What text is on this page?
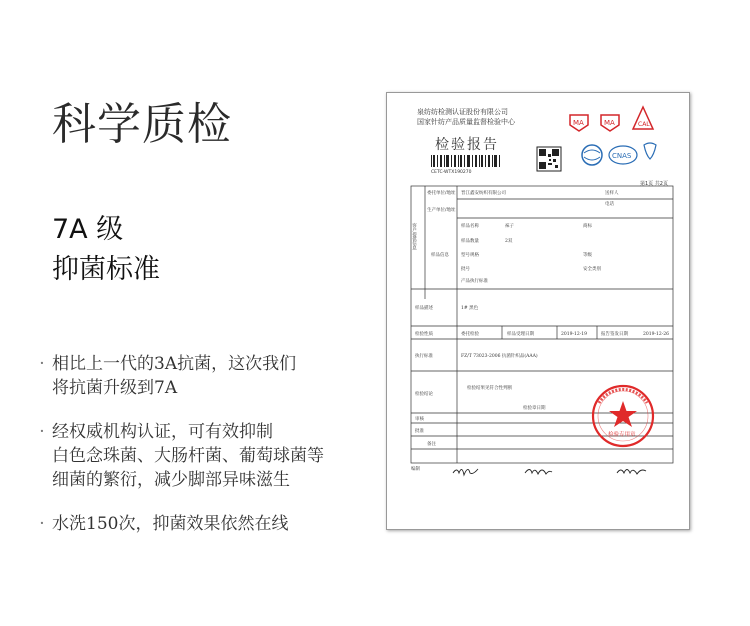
科学质检
7A 级
抑菌标准
· 相比上一代的3A抗菌，这次我们
将抗菌升级到7A
· 经权威机构认证，可有效抑制
白色念珠菌、大肠杆菌、葡萄球菌等
细菌的繁衍，减少脚部异味滋生
· 水洗150次，抑菌效果依然在线
泉纺纺检测认证股份有限公司
国家针纺产品质量监督检验中心
检验报告
CETC-WTX190270
MA	MA	CAL
CNAS
第1页 共2页
客户提供信息
委托单位/地址 晋江鑫安纺织有限公司	送样人
电话
生产单位/地址
样品信息
样品名称	袜子	商标
样品数量	2双
型号规格	等级
批号	安全类别
产品执行标准
样品描述	1# 黑色
检验性质	委托检验	样品受理日期	2019-12-19	报告签发日期	2019-12-26
执行标准	FZ/T 73023-2006 抗菌针织品(AAA)
检验结论
检验结果见符合性判断
检验章日期
审核
批准
备注
编制
检验专用章
